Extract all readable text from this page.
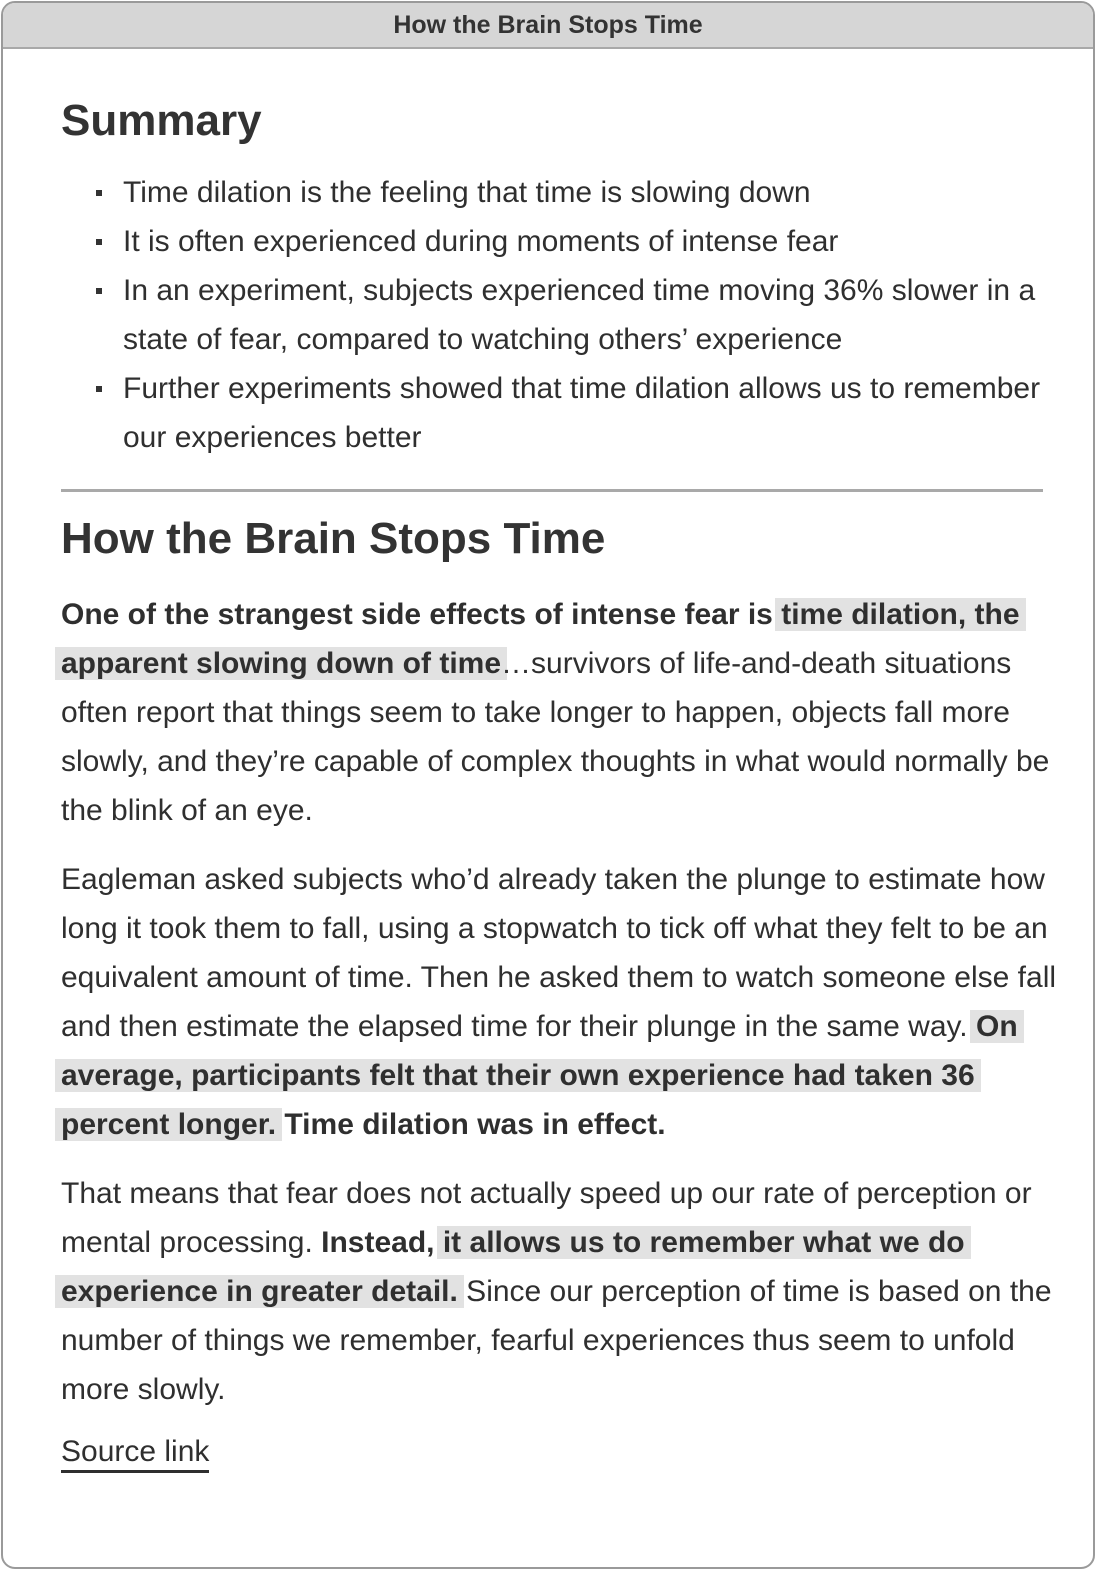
How the Brain Stops Time
Summary
Time dilation is the feeling that time is slowing down
It is often experienced during moments of intense fear
In an experiment, subjects experienced time moving 36% slower in a state of fear, compared to watching others’ experience
Further experiments showed that time dilation allows us to remember our experiences better
How the Brain Stops Time

One of the strangest side effects of intense fear is time dilation, the apparent slowing down of time…survivors of life-and-death situations often report that things seem to take longer to happen, objects fall more slowly, and they’re capable of complex thoughts in what would normally be the blink of an eye.

Eagleman asked subjects who’d already taken the plunge to estimate how long it took them to fall, using a stopwatch to tick off what they felt to be an equivalent amount of time. Then he asked them to watch someone else fall and then estimate the elapsed time for their plunge in the same way. On average, participants felt that their own experience had taken 36 percent longer. Time dilation was in effect.

That means that fear does not actually speed up our rate of perception or mental processing. Instead, it allows us to remember what we do experience in greater detail. Since our perception of time is based on the number of things we remember, fearful experiences thus seem to unfold more slowly.

Source link
